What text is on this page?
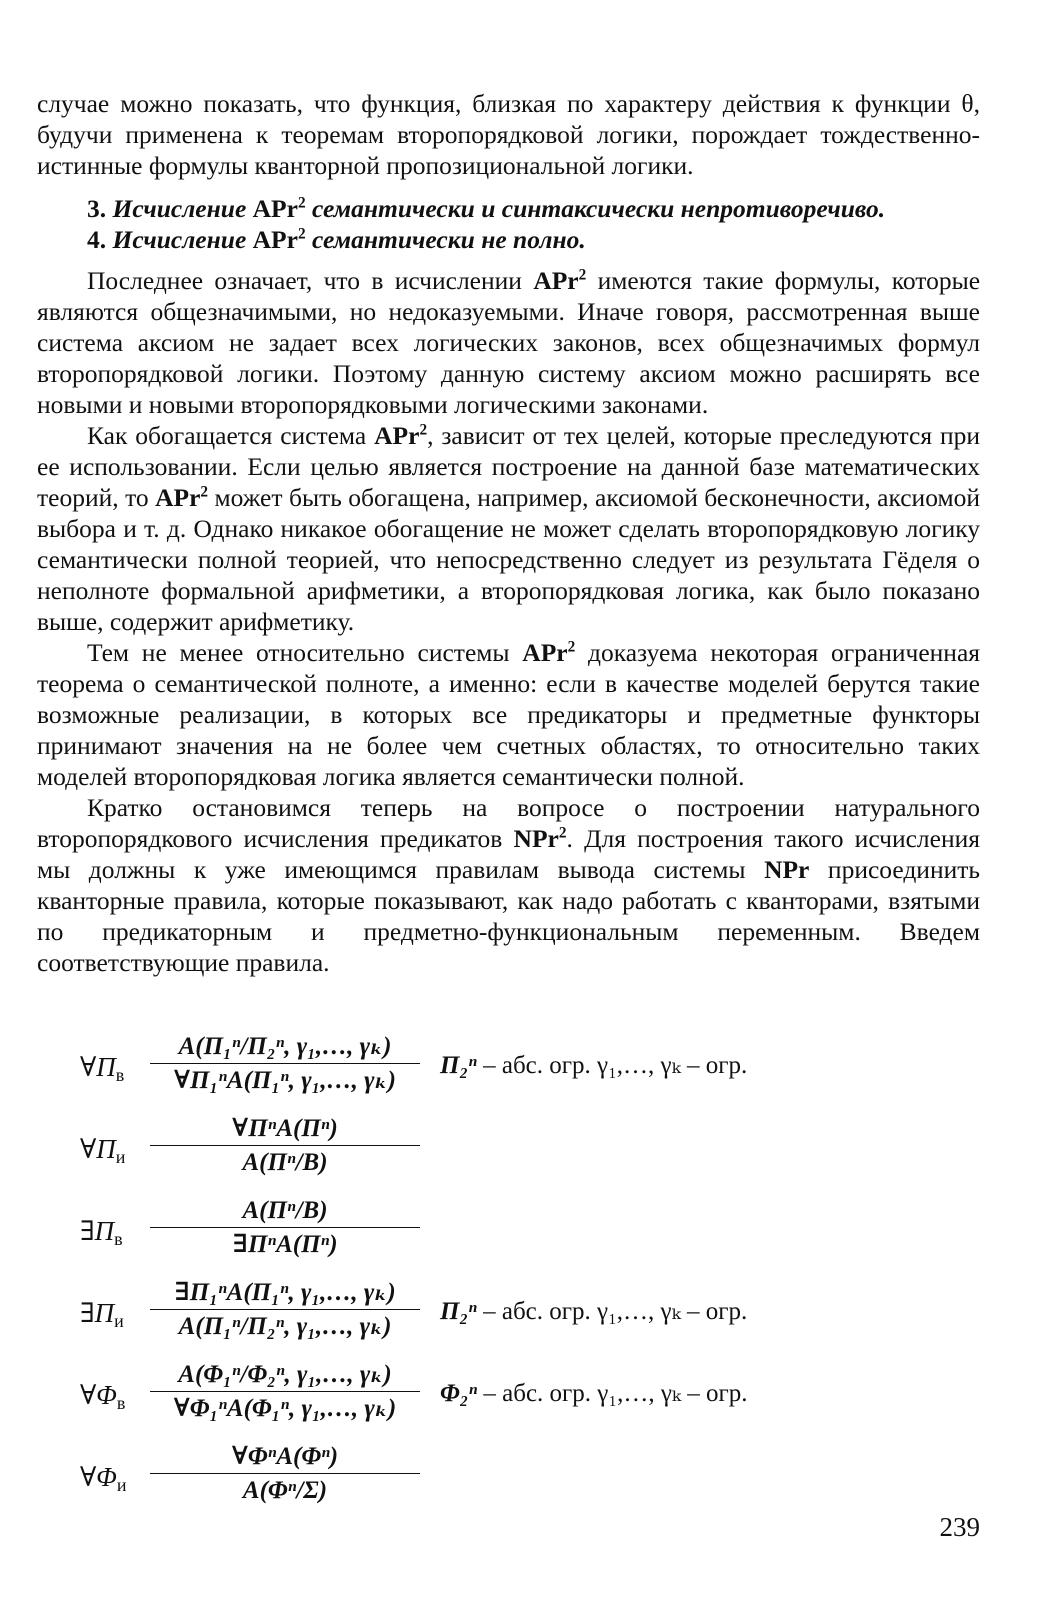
случае можно показать, что функция, близкая по характеру действия к функции θ, будучи применена к теоремам второпорядковой логики, порождает тождественно-истинные формулы кванторной пропозициональной логики.

3. Исчисление APr$^2$ семантически и синтаксически непротиворечиво.

4. Исчисление APr$^2$ семантически не полно.

Последнее означает, что в исчислении APr$^2$ имеются такие формулы, которые являются общезначимыми, но недоказуемыми. Иначе говоря, рассмотренная выше система аксиом не задает всех логических законов, всех общезначимых формул второпорядковой логики. Поэтому данную систему аксиом можно расширять все новыми и новыми второпорядковыми логическими законами.

Как обогащается система APr$^2$, зависит от тех целей, которые преследуются при ее использовании. Если целью является построение на данной базе математических теорий, то APr$^2$ может быть обогащена, например, аксиомой бесконечности, аксиомой выбора и т. д. Однако никакое обогащение не может сделать второпорядковую логику семантически полной теорией, что непосредственно следует из результата Гёделя о неполноте формальной арифметики, а второпорядковая логика, как было показано выше, содержит арифметику.

Тем не менее относительно системы APr$^2$ доказуема некоторая ограниченная теорема о семантической полноте, а именно: если в качестве моделей берутся такие возможные реализации, в которых все предикаторы и предметные функторы принимают значения на не более чем счетных областях, то относительно таких моделей второпорядковая логика является семантически полной.

Кратко остановимся теперь на вопросе о построении натурального второпорядкового исчисления предикатов NPr$^2$. Для построения такого исчисления мы должны к уже имеющимся правилам вывода системы NPr присоединить кванторные правила, которые показывают, как надо работать с кванторами, взятыми по предикаторным и предметно-функциональным переменным. Введем соответствующие правила.

∀Πв
A(Π₁ⁿ/Π₂ⁿ, γ₁,…, γₖ)
∀Π₁ⁿA(Π₁ⁿ, γ₁,…, γₖ)
Π₂ⁿ – абс. огр. γ₁,…, γₖ – огр.
∀Πи
∀ΠⁿA(Πⁿ)
A(Πⁿ/B)
∃Πв
A(Πⁿ/B)
∃ΠⁿA(Πⁿ)
∃Πи
∃Π₁ⁿA(Π₁ⁿ, γ₁,…, γₖ)
A(Π₁ⁿ/Π₂ⁿ, γ₁,…, γₖ)
Π₂ⁿ – абс. огр. γ₁,…, γₖ – огр.
∀Φв
A(Φ₁ⁿ/Φ₂ⁿ, γ₁,…, γₖ)
∀Φ₁ⁿA(Φ₁ⁿ, γ₁,…, γₖ)
Φ₂ⁿ – абс. огр. γ₁,…, γₖ – огр.
∀Φи
∀ΦⁿA(Φⁿ)
A(Φⁿ/Σ)
239
